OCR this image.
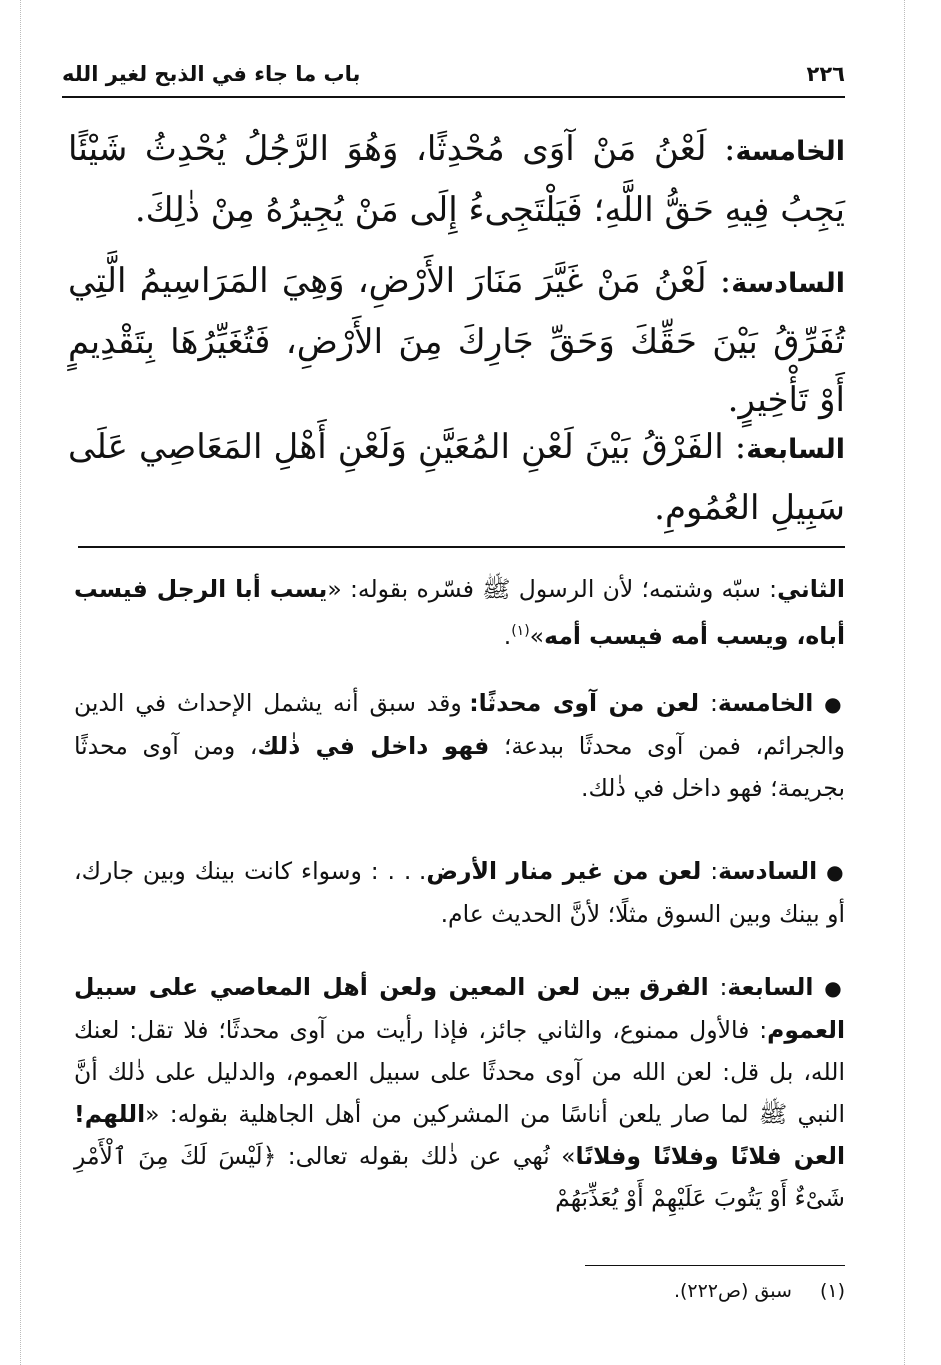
٢٢٦
باب ما جاء في الذبح لغير الله

الخامسة: لَعْنُ مَنْ آوَى مُحْدِثًا، وَهُوَ الرَّجُلُ يُحْدِثُ شَيْئًا يَجِبُ فِيهِ حَقُّ اللَّهِ؛ فَيَلْتَجِىءُ إِلَى مَنْ يُجِيرُهُ مِنْ ذٰلِكَ.

السادسة: لَعْنُ مَنْ غَيَّرَ مَنَارَ الأَرْضِ، وَهِيَ المَرَاسِيمُ الَّتِي تُفَرِّقُ بَيْنَ حَقِّكَ وَحَقِّ جَارِكَ مِنَ الأَرْضِ، فَتُغَيِّرُهَا بِتَقْدِيمٍ أَوْ تَأْخِيرٍ.

السابعة: الفَرْقُ بَيْنَ لَعْنِ المُعَيَّنِ وَلَعْنِ أَهْلِ المَعَاصِي عَلَى سَبِيلِ العُمُومِ.

الثاني: سبّه وشتمه؛ لأن الرسول ﷺ فسّره بقوله: «يسب أبا الرجل فيسب أباه، ويسب أمه فيسب أمه»$^{(١)}$.

● الخامسة: لعن من آوى محدثًا: وقد سبق أنه يشمل الإحداث في الدين والجرائم، فمن آوى محدثًا ببدعة؛ فهو داخل في ذٰلك، ومن آوى محدثًا بجريمة؛ فهو داخل في ذٰلك.

● السادسة: لعن من غير منار الأرض. . . : وسواء كانت بينك وبين جارك، أو بينك وبين السوق مثلًا؛ لأنَّ الحديث عام.

● السابعة: الفرق بين لعن المعين ولعن أهل المعاصي على سبيل العموم: فالأول ممنوع، والثاني جائز، فإذا رأيت من آوى محدثًا؛ فلا تقل: لعنك الله، بل قل: لعن الله من آوى محدثًا على سبيل العموم، والدليل على ذٰلك أنَّ النبي ﷺ لما صار يلعن أناسًا من المشركين من أهل الجاهلية بقوله: «اللهم! العن فلانًا وفلانًا وفلانًا» نُهي عن ذٰلك بقوله تعالى: ﴿لَيْسَ لَكَ مِنَ ٱلْأَمْرِ شَىْءٌ أَوْ يَتُوبَ عَلَيْهِمْ أَوْ يُعَذِّبَهُمْ

(١)سبق (ص٢٢٢).
